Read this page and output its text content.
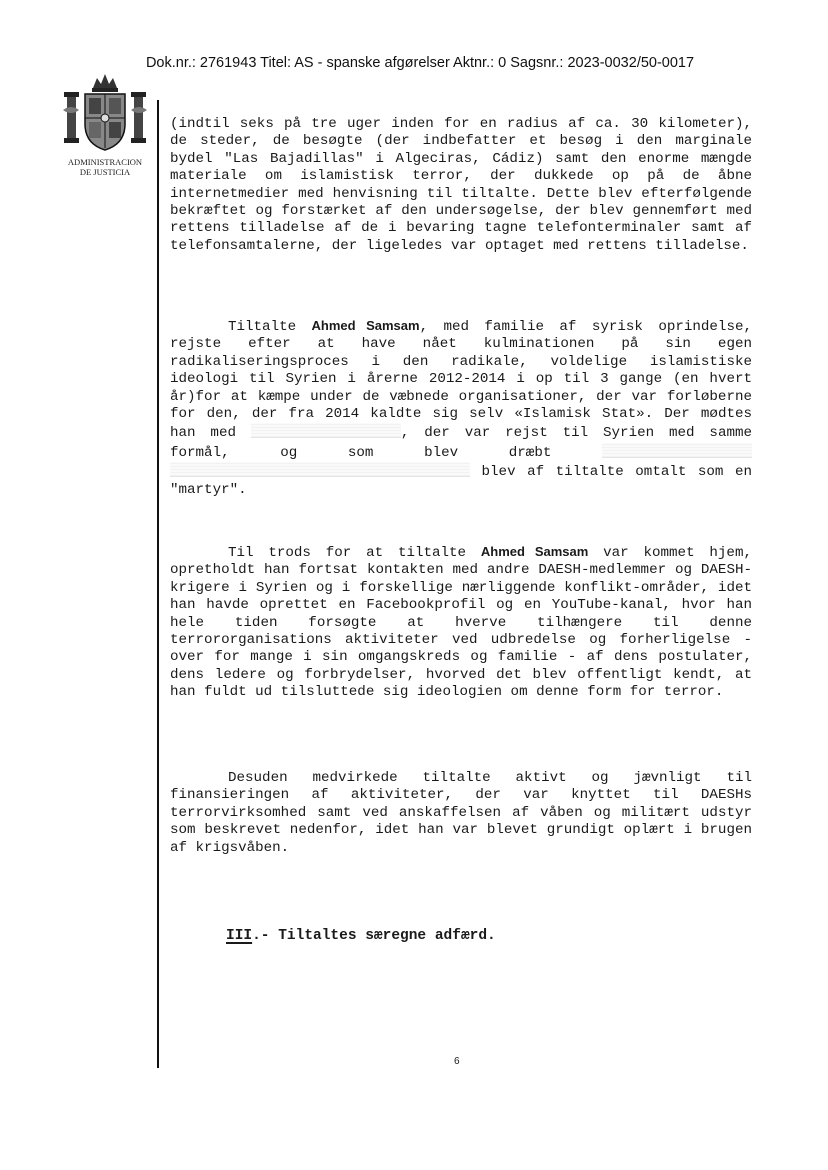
Dok.nr.: 2761943 Titel: AS - spanske afgørelser Aktnr.: 0 Sagsnr.: 2023-0032/50-0017
ADMINISTRACION
DE JUSTICIA

(indtil seks på tre uger inden for en radius af ca. 30 kilometer), de steder, de besøgte (der indbefatter et besøg i den marginale bydel "Las Bajadillas" i Algeciras, Cádiz) samt den enorme mængde materiale om islamistisk terror, der dukkede op på de åbne internetmedier med henvisning til tiltalte. Dette blev efterfølgende bekræftet og forstærket af den undersøgelse, der blev gennemført med rettens tilladelse af de i bevaring tagne telefonterminaler samt af telefonsamtalerne, der ligeledes var optaget med rettens tilladelse.

Tiltalte Ahmed Samsam, med familie af syrisk oprindelse, rejste efter at have nået kulminationen på sin egen radikaliseringsproces i den radikale, voldelige islamistiske ideologi til Syrien i årerne 2012-2014 i op til 3 gange (en hvert år)for at kæmpe under de væbnede organisationer, der var forløberne for den, der fra 2014 kaldte sig selv «Islamisk Stat». Der mødtes han med	, der var rejst til Syrien med samme formål, og som blev dræbt   blev af tiltalte omtalt som en "martyr".

Til trods for at tiltalte Ahmed Samsam var kommet hjem, opretholdt han fortsat kontakten med andre DAESH-medlemmer og DAESH-krigere i Syrien og i forskellige nærliggende konflikt-områder, idet han havde oprettet en Facebookprofil og en YouTube-kanal, hvor han hele tiden forsøgte at hverve tilhængere til denne terrororganisations aktiviteter ved udbredelse og forherligelse - over for mange i sin omgangskreds og familie - af dens postulater, dens ledere og forbrydelser, hvorved det blev offentligt kendt, at han fuldt ud tilsluttede sig ideologien om denne form for terror.

Desuden medvirkede tiltalte aktivt og jævnligt til finansieringen af aktiviteter, der var knyttet til DAESHs terrorvirksomhed samt ved anskaffelsen af våben og militært udstyr som beskrevet nedenfor, idet han var blevet grundigt oplært i brugen af krigsvåben.

III.- Tiltaltes særegne adfærd.
6
